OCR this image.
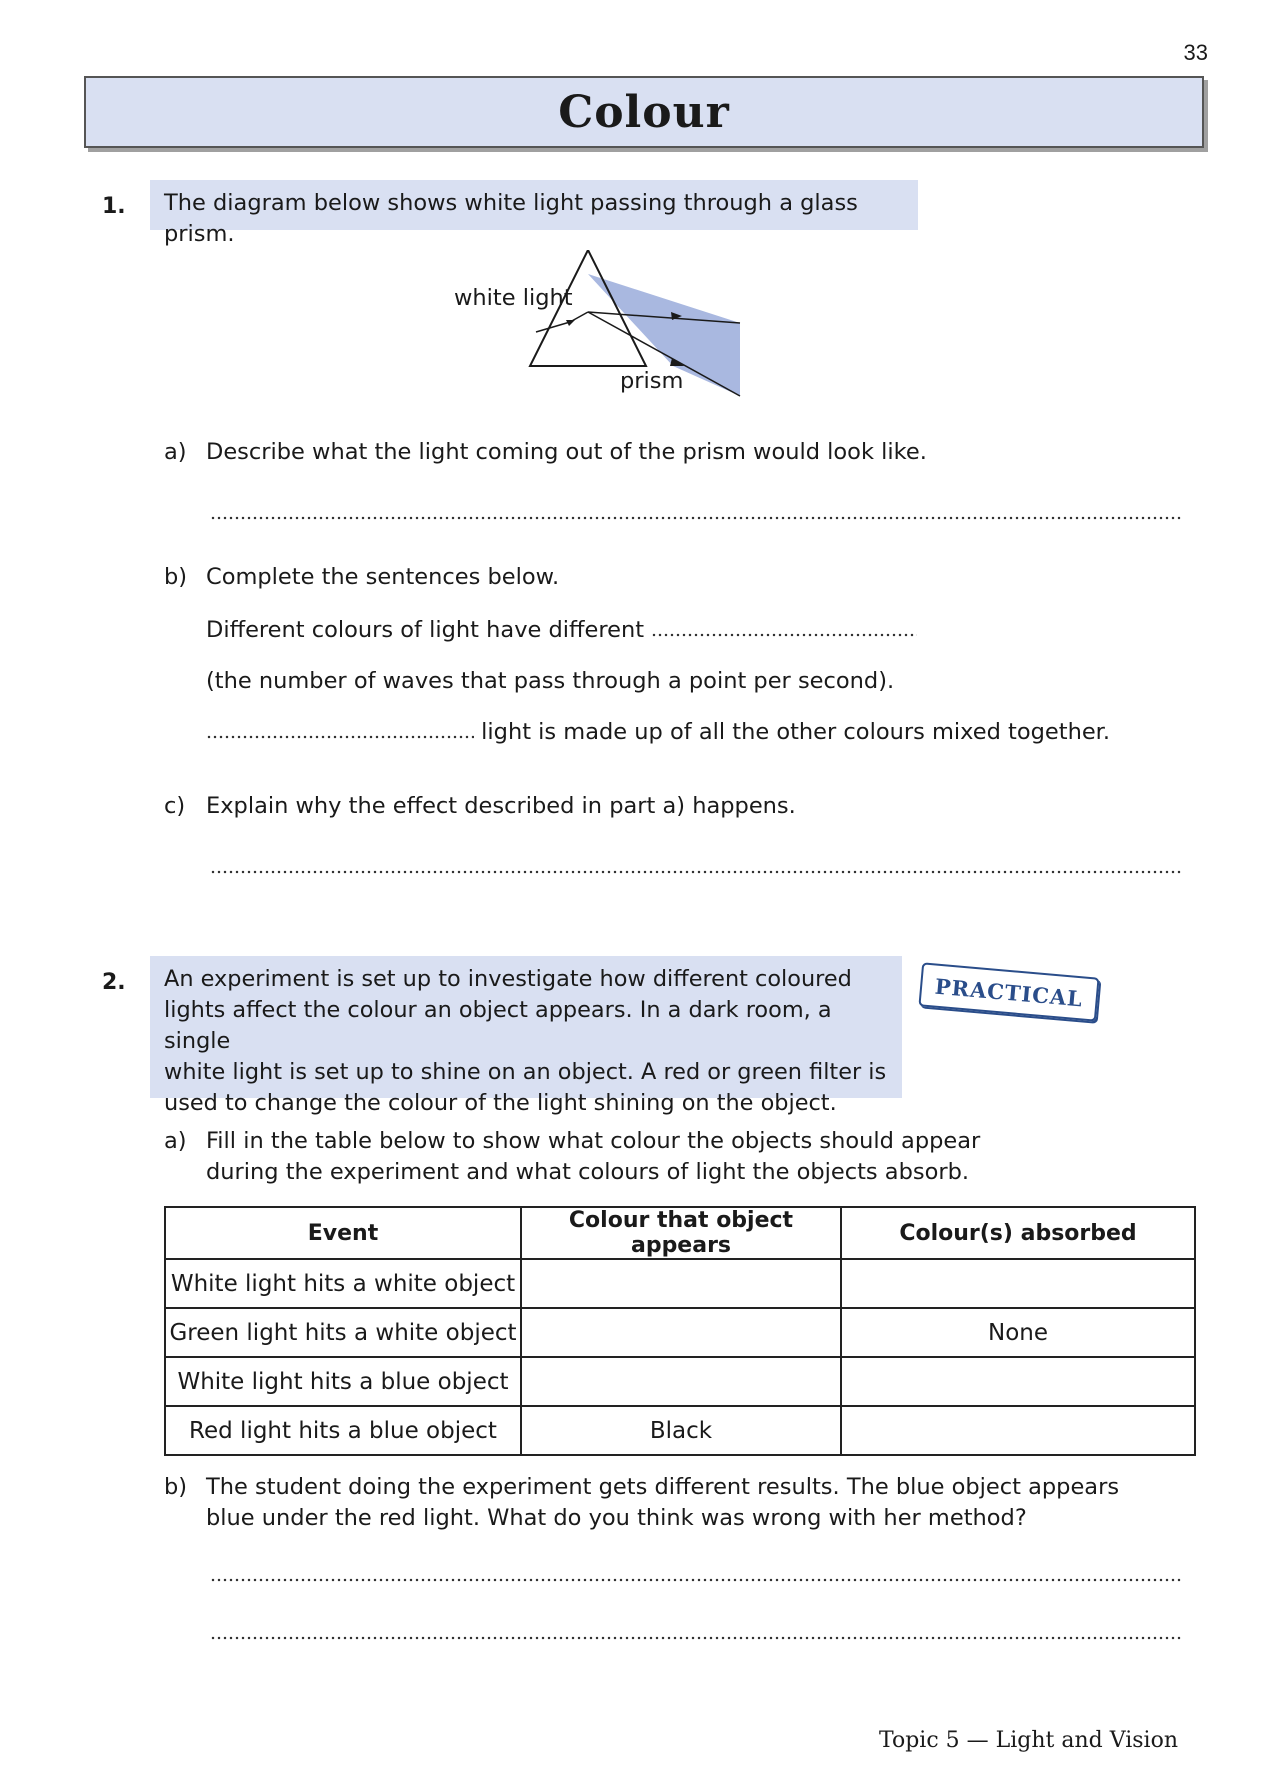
33
Colour
1.	The diagram below shows white light passing through a glass prism.
white light
prism
a) Describe what the light coming out of the prism would look like.
b) Complete the sentences below.
Different colours of light have different
(the number of waves that pass through a point per second).
light is made up of all the other colours mixed together.
c) Explain why the effect described in part a) happens.
2. An experiment is set up to investigate how different coloured
lights affect the colour an object appears. In a dark room, a single
white light is set up to shine on an object. A red or green filter is
used to change the colour of the light shining on the object.
PRACTICAL
a) Fill in the table below to show what colour the objects should appear
during the experiment and what colours of light the objects absorb.
Event	Colour that object appears	Colour(s) absorbed
White light hits a white object		
Green light hits a white object		None
White light hits a blue object		
Red light hits a blue object	Black	
b) The student doing the experiment gets different results. The blue object appears
blue under the red light. What do you think was wrong with her method?
Topic 5 — Light and Vision
